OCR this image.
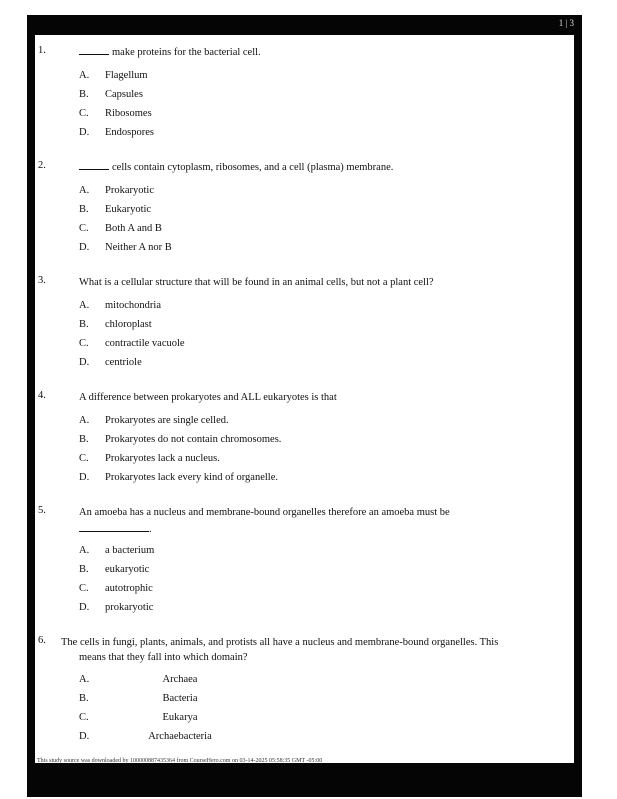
1 | 3
This study source was downloaded by 100000887435364 from CourseHero.com on 03-14-2025 05:58:35 GMT -05:00
1.	make proteins for the bacterial cell.
A. Flagellum
B. Capsules
C. Ribosomes
D. Endospores
2.	cells contain cytoplasm, ribosomes, and a cell (plasma) membrane.
A. Prokaryotic
B. Eukaryotic
C. Both A and B
D. Neither A nor B
3.	What is a cellular structure that will be found in an animal cells, but not a plant cell?
A. mitochondria
B. chloroplast
C. contractile vacuole
D. centriole
4.	A difference between prokaryotes and ALL eukaryotes is that
A. Prokaryotes are single celled.
B. Prokaryotes do not contain chromosomes.
C. Prokaryotes lack a nucleus.
D. Prokaryotes lack every kind of organelle.
5.	An amoeba has a nucleus and membrane-bound organelles therefore an amoeba must be
.
A. a bacterium
B. eukaryotic
C. autotrophic
D. prokaryotic
6. The cells in fungi, plants, animals, and protists all have a nucleus and membrane-bound organelles. This
means that they fall into which domain?
A.	Archaea
B.	Bacteria
C.	Eukarya
D.	Archaebacteria
